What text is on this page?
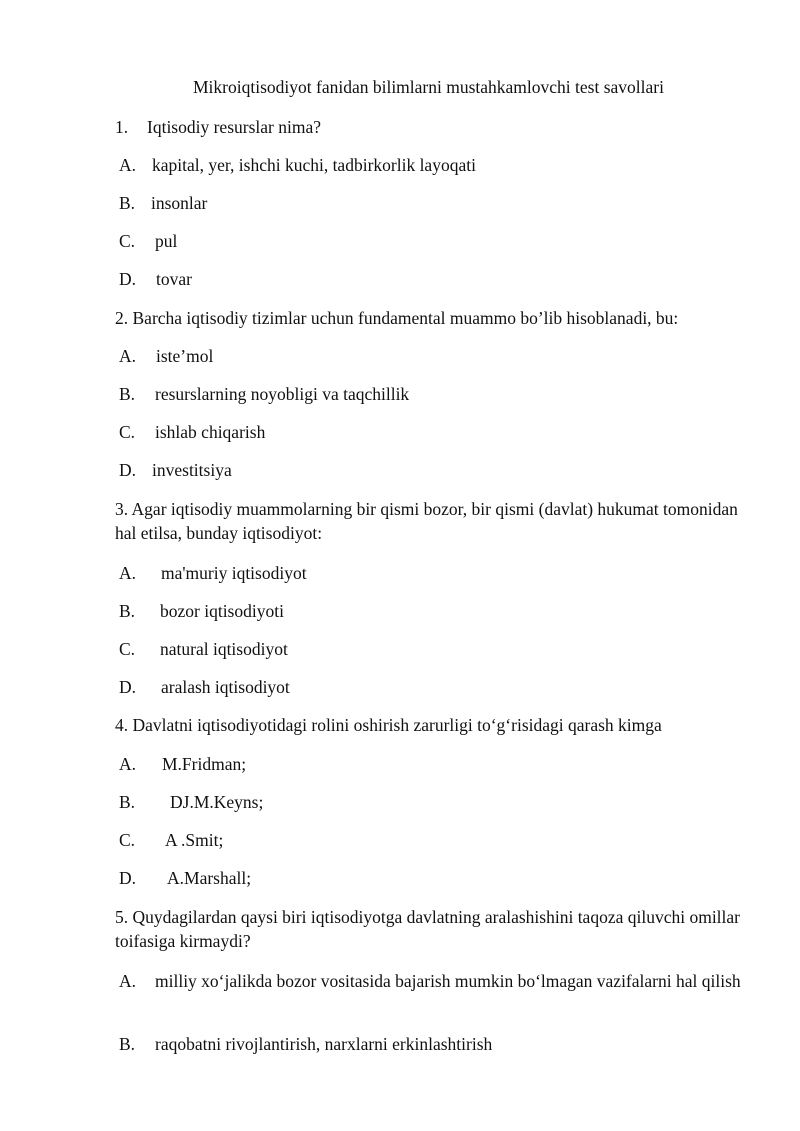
Mikroiqtisodiyot fanidan bilimlarni mustahkamlovchi test savollari
1. Iqtisodiy resurslar nima?
A. kapital, yer, ishchi kuchi, tadbirkorlik layoqati
B. insonlar
C. pul
D. tovar
2. Barcha iqtisodiy tizimlar uchun fundamental muammo bo’lib hisoblanadi, bu:
A. iste’mol
B. resurslarning noyobligi va taqchillik
C. ishlab chiqarish
D. investitsiya
3. Agar iqtisodiy muammolarning bir qismi bozor, bir qismi (davlat) hukumat tomonidan hal etilsa, bunday iqtisodiyot:
A. ma'muriy iqtisodiyot
B. bozor iqtisodiyoti
C. natural iqtisodiyot
D. aralash iqtisodiyot
4. Davlatni iqtisodiyotidagi rolini oshirish zarurligi to‘g‘risidagi qarash kimga
A. M.Fridman;
B. DJ.M.Keyns;
C. A .Smit;
D. A.Marshall;
5. Quydagilardan qaysi biri iqtisodiyotga davlatning aralashishini taqoza qiluvchi omillar toifasiga kirmaydi?
A. milliy xo‘jalikda bozor vositasida bajarish mumkin bo‘lmagan vazifalarni hal qilish
B. raqobatni rivojlantirish, narxlarni erkinlashtirish
